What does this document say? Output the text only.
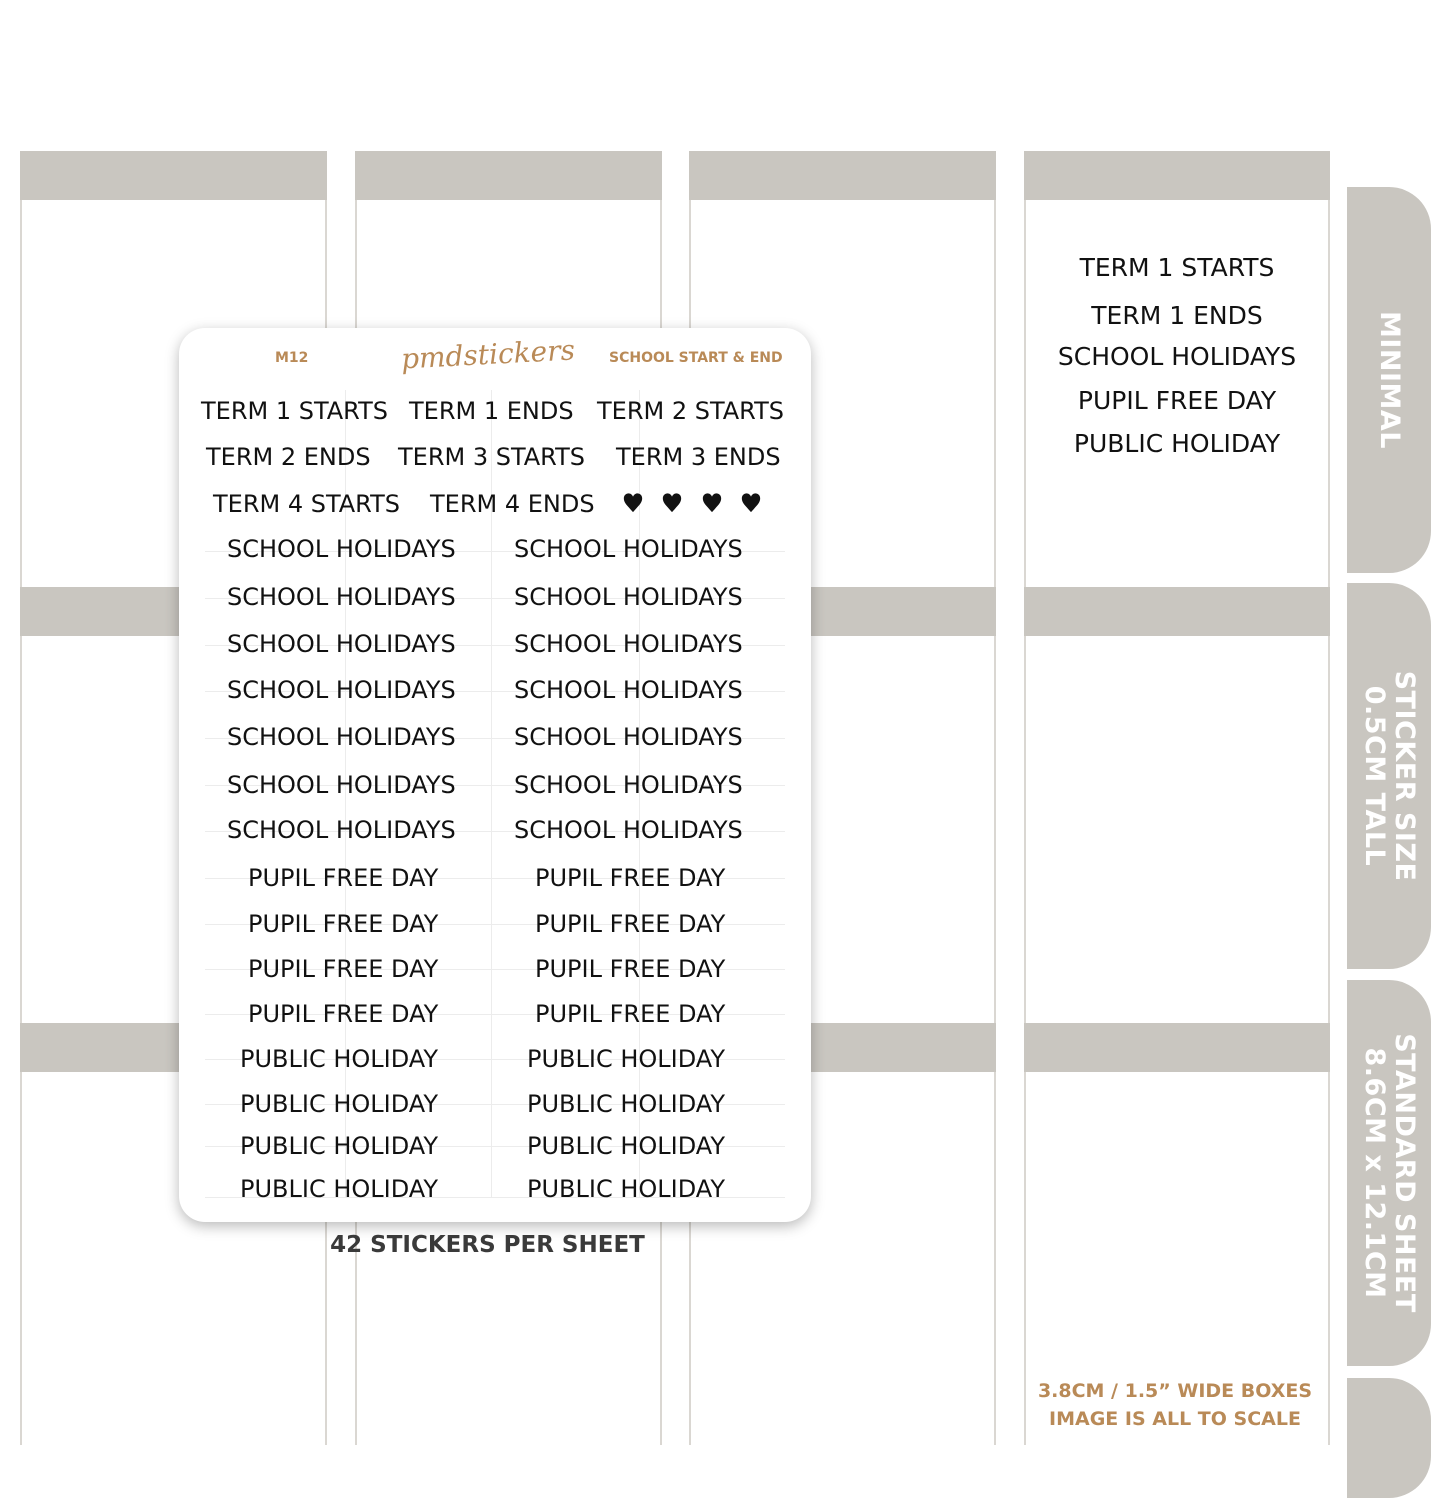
MINIMAL
STICKER SIZE
0.5CM TALL
STANDARD SHEET
8.6CM x 12.1CM
TERM 1 STARTS
TERM 1 ENDS
SCHOOL HOLIDAYS
PUPIL FREE DAY
PUBLIC HOLIDAY
M12	pmdstickers SCHOOL START & END
TERM 1 STARTS TERM 1 ENDS TERM 2 STARTS
TERM 2 ENDS TERM 3 STARTS TERM 3 ENDS
TERM 4 STARTS TERM 4 ENDS
SCHOOL HOLIDAYS SCHOOL HOLIDAYS
SCHOOL HOLIDAYS SCHOOL HOLIDAYS
SCHOOL HOLIDAYS SCHOOL HOLIDAYS
SCHOOL HOLIDAYS SCHOOL HOLIDAYS
SCHOOL HOLIDAYS SCHOOL HOLIDAYS
SCHOOL HOLIDAYS SCHOOL HOLIDAYS
SCHOOL HOLIDAYS SCHOOL HOLIDAYS
PUPIL FREE DAY	PUPIL FREE DAY
PUPIL FREE DAY	PUPIL FREE DAY
PUPIL FREE DAY	PUPIL FREE DAY
PUPIL FREE DAY	PUPIL FREE DAY
PUBLIC HOLIDAY	PUBLIC HOLIDAY
PUBLIC HOLIDAY	PUBLIC HOLIDAY
PUBLIC HOLIDAY	PUBLIC HOLIDAY
PUBLIC HOLIDAY	PUBLIC HOLIDAY
42 STICKERS PER SHEET
3.8CM / 1.5” WIDE BOXES
IMAGE IS ALL TO SCALE
